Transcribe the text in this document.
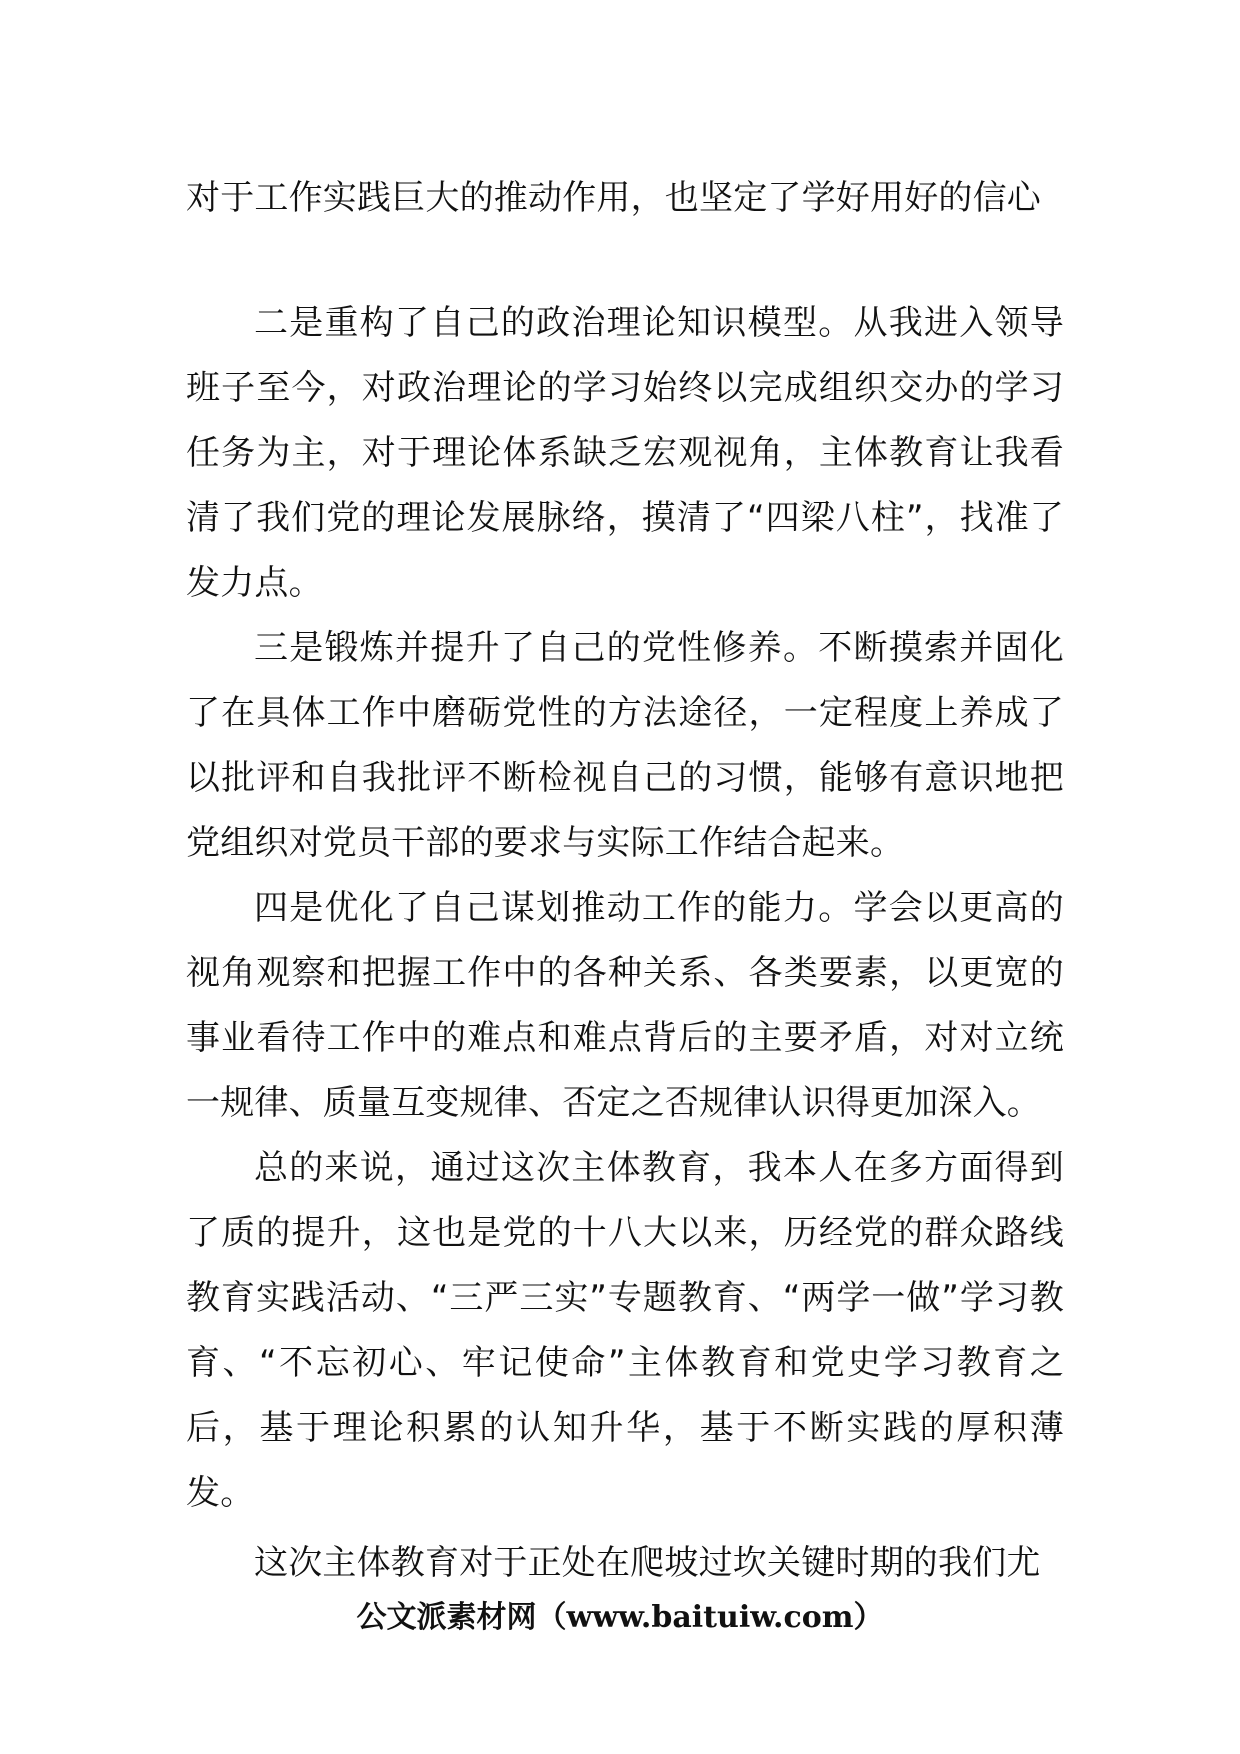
对于工作实践巨大的推动作用，也坚定了学好用好的信心

二是重构了自己的政治理论知识模型。从我进入领导班子至今，对政治理论的学习始终以完成组织交办的学习任务为主，对于理论体系缺乏宏观视角，主体教育让我看清了我们党的理论发展脉络，摸清了“四梁八柱”，找准了发力点。

三是锻炼并提升了自己的党性修养。不断摸索并固化了在具体工作中磨砺党性的方法途径，一定程度上养成了以批评和自我批评不断检视自己的习惯，能够有意识地把党组织对党员干部的要求与实际工作结合起来。

四是优化了自己谋划推动工作的能力。学会以更高的视角观察和把握工作中的各种关系、各类要素，以更宽的事业看待工作中的难点和难点背后的主要矛盾，对对立统一规律、质量互变规律、否定之否规律认识得更加深入。

总的来说，通过这次主体教育，我本人在多方面得到了质的提升，这也是党的十八大以来，历经党的群众路线教育实践活动、“三严三实”专题教育、“两学一做”学习教育、“不忘初心、牢记使命”主体教育和党史学习教育之后，基于理论积累的认知升华，基于不断实践的厚积薄发。

这次主体教育对于正处在爬坡过坎关键时期的我们尤

公文派素材网（www.baituiw.com）
